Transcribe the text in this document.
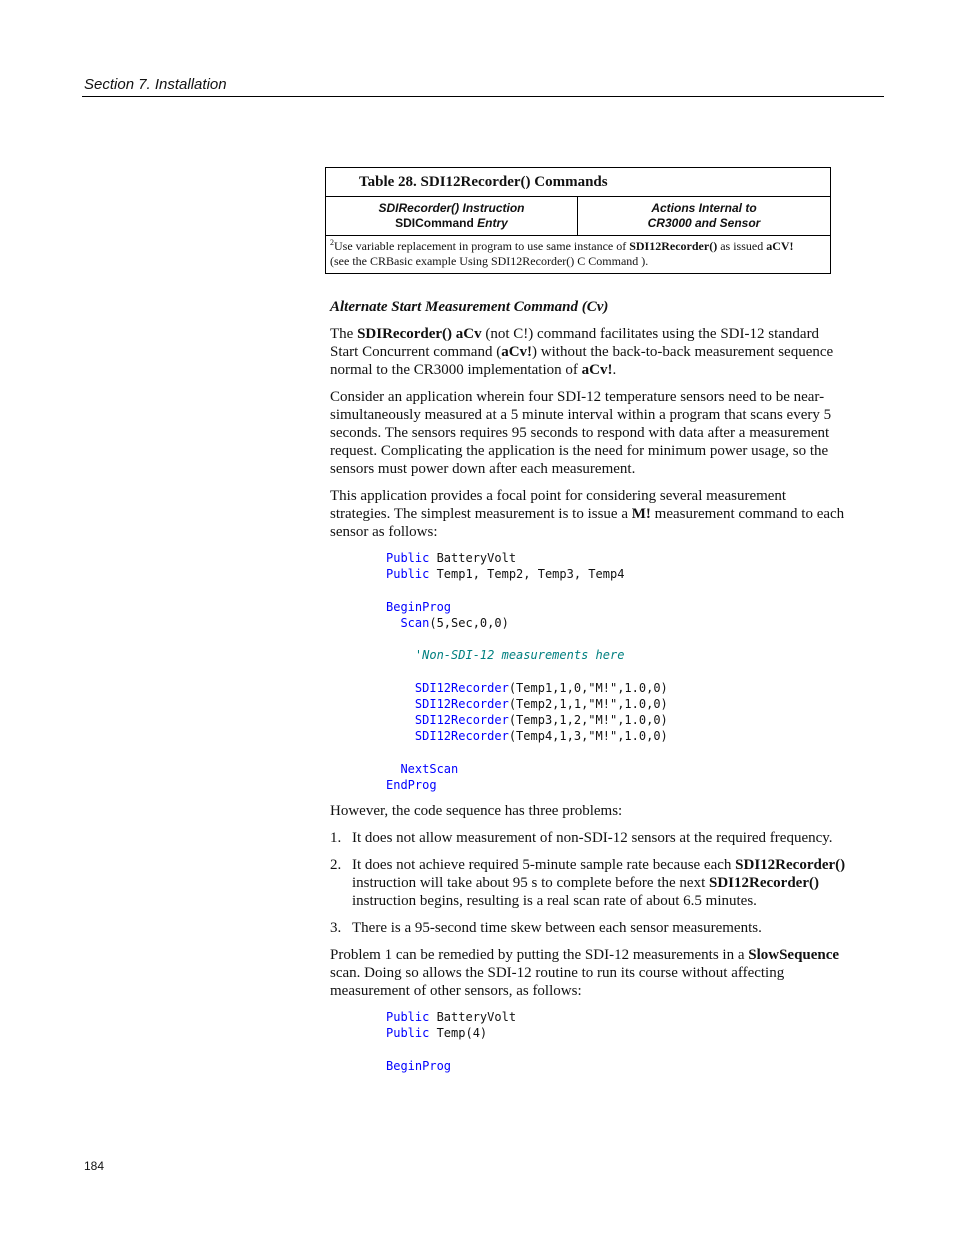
Section 7. Installation
Table 28. SDI12Recorder() Commands
SDIRecorder() Instruction
SDICommand Entry
Actions Internal to
CR3000 and Sensor
$^2$Use variable replacement in program to use same instance of SDI12Recorder() as issued aCV!
(see the CRBasic example Using SDI12Recorder() C Command ).
Alternate Start Measurement Command (Cv)

The SDIRecorder() aCv (not C!) command facilitates using the SDI-12 standard Start Concurrent command (aCv!) without the back-to-back measurement sequence normal to the CR3000 implementation of aCv!.

Consider an application wherein four SDI-12 temperature sensors need to be near-simultaneously measured at a 5 minute interval within a program that scans every 5 seconds. The sensors requires 95 seconds to respond with data after a measurement request. Complicating the application is the need for minimum power usage, so the sensors must power down after each measurement.

This application provides a focal point for considering several measurement strategies. The simplest measurement is to issue a M! measurement command to each sensor as follows:

Public BatteryVolt
Public Temp1, Temp2, Temp3, Temp4

BeginProg
Scan(5,Sec,0,0)

'Non-SDI-12 measurements here

SDI12Recorder(Temp1,1,0,"M!",1.0,0)
SDI12Recorder(Temp2,1,1,"M!",1.0,0)
SDI12Recorder(Temp3,1,2,"M!",1.0,0)
SDI12Recorder(Temp4,1,3,"M!",1.0,0)

NextScan
EndProg

However, the code sequence has three problems:

1. It does not allow measurement of non-SDI-12 sensors at the required frequency.
2. It does not achieve required 5-minute sample rate because each SDI12Recorder() instruction will take about 95 s to complete before the next SDI12Recorder() instruction begins, resulting is a real scan rate of about 6.5 minutes.
3. There is a 95-second time skew between each sensor measurements.

Problem 1 can be remedied by putting the SDI-12 measurements in a SlowSequence scan. Doing so allows the SDI-12 routine to run its course without affecting measurement of other sensors, as follows:

Public BatteryVolt
Public Temp(4)

BeginProg
184
